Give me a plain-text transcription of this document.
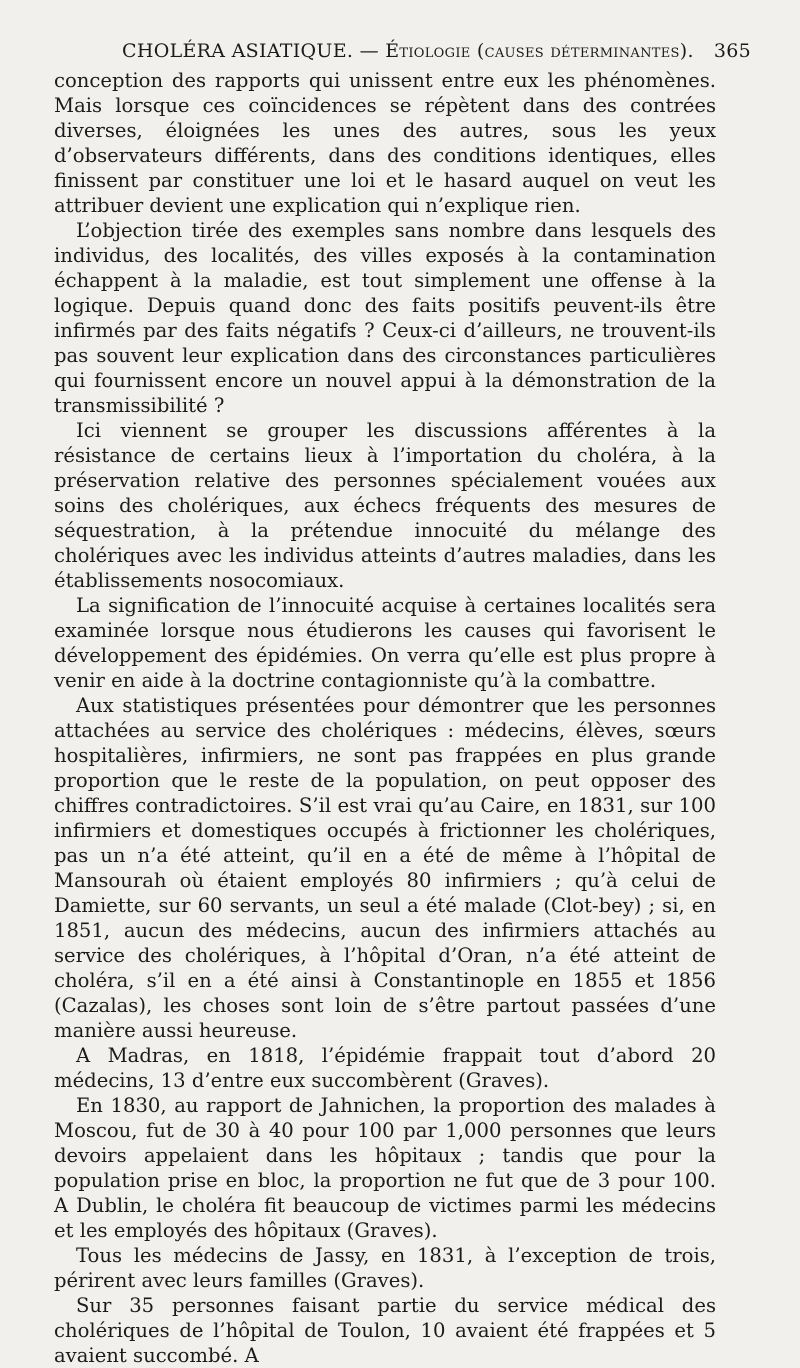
CHOLÉRA ASIATIQUE. — Étiologie (causes déterminantes). 365

conception des rapports qui unissent entre eux les phénomènes. Mais lorsque ces coïncidences se répètent dans des contrées diverses, éloignées les unes des autres, sous les yeux d’observateurs différents, dans des conditions identiques, elles finissent par constituer une loi et le hasard auquel on veut les attribuer devient une explication qui n’explique rien.

L’objection tirée des exemples sans nombre dans lesquels des individus, des localités, des villes exposés à la contamination échappent à la maladie, est tout simplement une offense à la logique. Depuis quand donc des faits positifs peuvent-ils être infirmés par des faits négatifs ? Ceux-ci d’ailleurs, ne trouvent-ils pas souvent leur explication dans des circonstances particulières qui fournissent encore un nouvel appui à la démonstration de la transmissibilité ?

Ici viennent se grouper les discussions afférentes à la résistance de certains lieux à l’importation du choléra, à la préservation relative des personnes spécialement vouées aux soins des cholériques, aux échecs fréquents des mesures de séquestration, à la prétendue innocuité du mélange des cholériques avec les individus atteints d’autres maladies, dans les établissements nosocomiaux.

La signification de l’innocuité acquise à certaines localités sera examinée lorsque nous étudierons les causes qui favorisent le développement des épidémies. On verra qu’elle est plus propre à venir en aide à la doctrine contagionniste qu’à la combattre.

Aux statistiques présentées pour démontrer que les personnes attachées au service des cholériques : médecins, élèves, sœurs hospitalières, infirmiers, ne sont pas frappées en plus grande proportion que le reste de la population, on peut opposer des chiffres contradictoires. S’il est vrai qu’au Caire, en 1831, sur 100 infirmiers et domestiques occupés à frictionner les cholériques, pas un n’a été atteint, qu’il en a été de même à l’hôpital de Mansourah où étaient employés 80 infirmiers ; qu’à celui de Damiette, sur 60 servants, un seul a été malade (Clot-bey) ; si, en 1851, aucun des médecins, aucun des infirmiers attachés au service des cholériques, à l’hôpital d’Oran, n’a été atteint de choléra, s’il en a été ainsi à Constantinople en 1855 et 1856 (Cazalas), les choses sont loin de s’être partout passées d’une manière aussi heureuse.

A Madras, en 1818, l’épidémie frappait tout d’abord 20 médecins, 13 d’entre eux succombèrent (Graves).

En 1830, au rapport de Jahnichen, la proportion des malades à Moscou, fut de 30 à 40 pour 100 par 1,000 personnes que leurs devoirs appelaient dans les hôpitaux ; tandis que pour la population prise en bloc, la proportion ne fut que de 3 pour 100. A Dublin, le choléra fit beaucoup de victimes parmi les médecins et les employés des hôpitaux (Graves).

Tous les médecins de Jassy, en 1831, à l’exception de trois, périrent avec leurs familles (Graves).

Sur 35 personnes faisant partie du service médical des cholériques de l’hôpital de Toulon, 10 avaient été frappées et 5 avaient succombé. A
